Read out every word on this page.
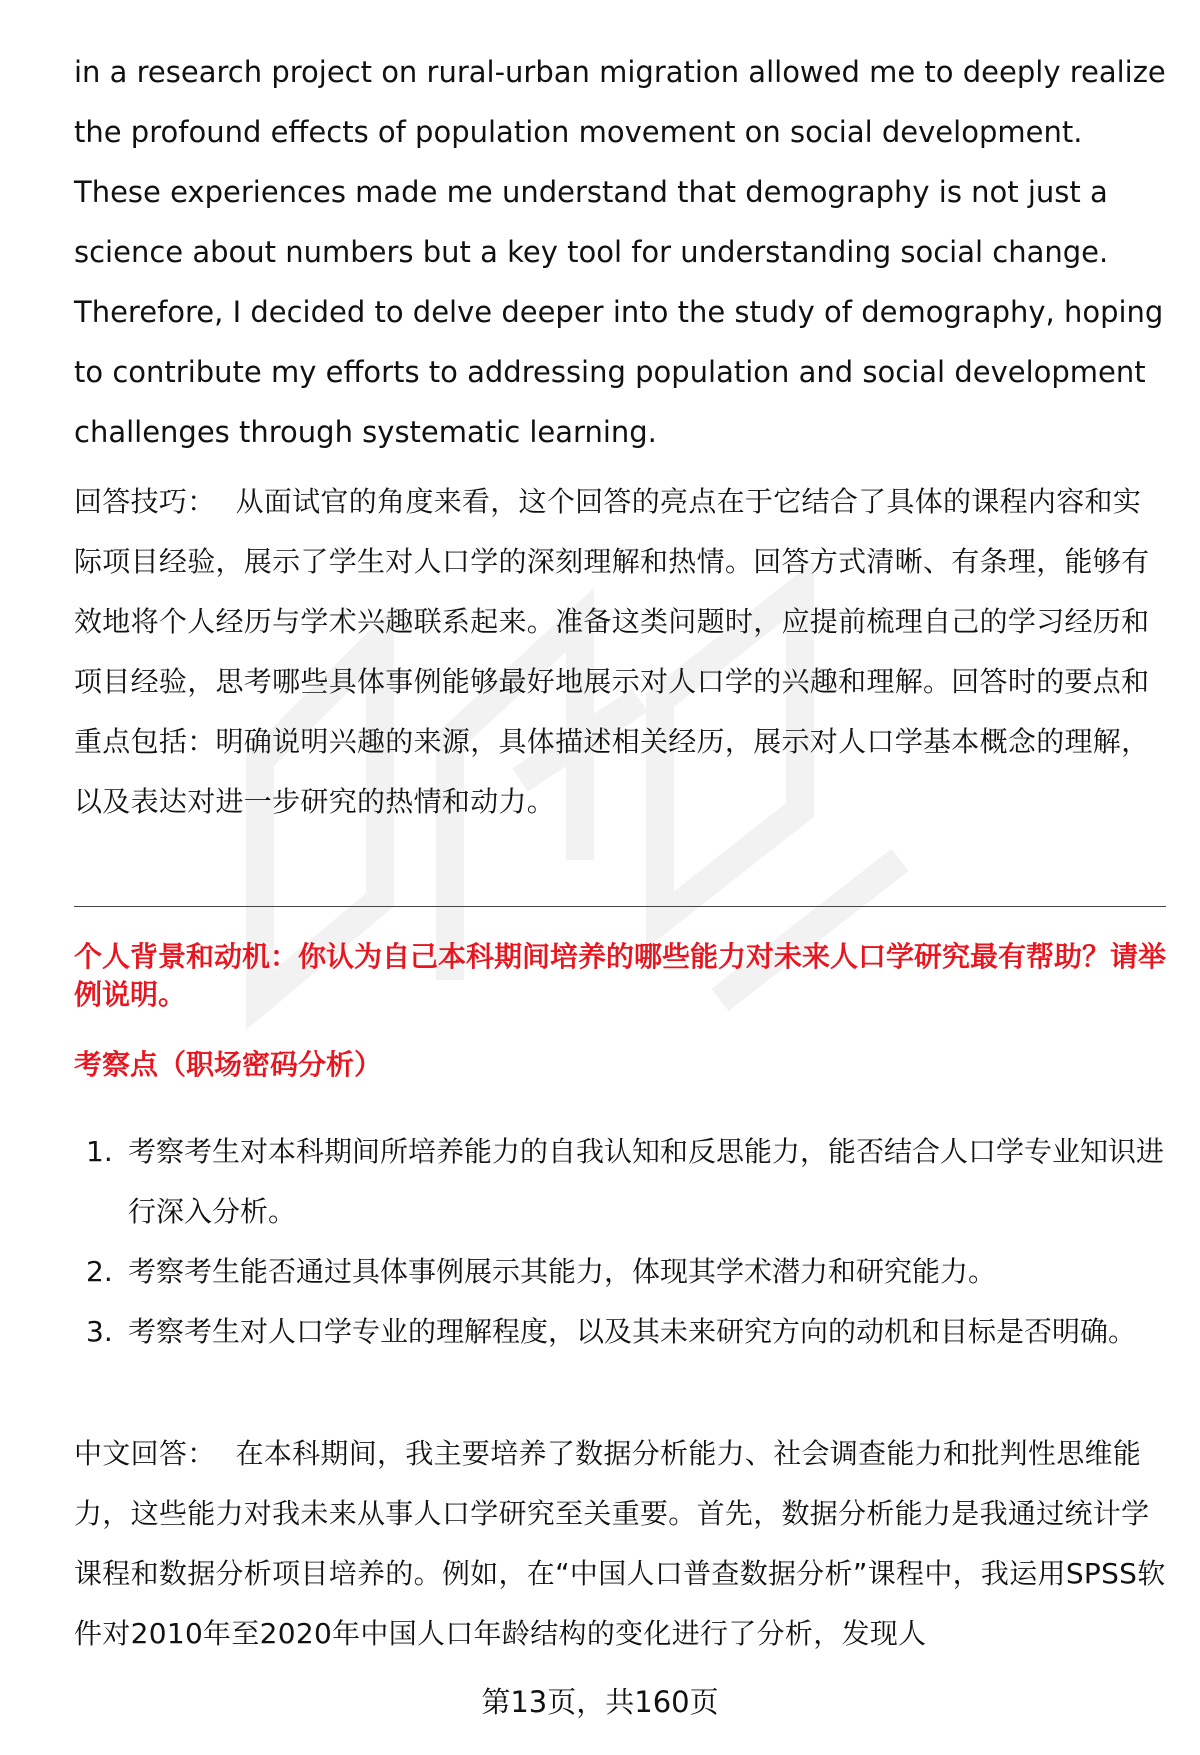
in a research project on rural-urban migration allowed me to deeply realize the profound effects of population movement on social development. These experiences made me understand that demography is not just a science about numbers but a key tool for understanding social change. Therefore, I decided to delve deeper into the study of demography, hoping to contribute my efforts to addressing population and social development challenges through systematic learning.

回答技巧： 从面试官的角度来看，这个回答的亮点在于它结合了具体的课程内容和实际项目经验，展示了学生对人口学的深刻理解和热情。回答方式清晰、有条理，能够有效地将个人经历与学术兴趣联系起来。准备这类问题时，应提前梳理自己的学习经历和项目经验，思考哪些具体事例能够最好地展示对人口学的兴趣和理解。回答时的要点和重点包括：明确说明兴趣的来源，具体描述相关经历，展示对人口学基本概念的理解，以及表达对进一步研究的热情和动力。

个人背景和动机：你认为自己本科期间培养的哪些能力对未来人口学研究最有帮助？请举例说明。

考察点（职场密码分析）

1. 考察考生对本科期间所培养能力的自我认知和反思能力，能否结合人口学专业知识进行深入分析。
2. 考察考生能否通过具体事例展示其能力，体现其学术潜力和研究能力。
3. 考察考生对人口学专业的理解程度，以及其未来研究方向的动机和目标是否明确。

中文回答： 在本科期间，我主要培养了数据分析能力、社会调查能力和批判性思维能力，这些能力对我未来从事人口学研究至关重要。首先，数据分析能力是我通过统计学课程和数据分析项目培养的。例如，在“中国人口普查数据分析”课程中，我运用SPSS软件对2010年至2020年中国人口年龄结构的变化进行了分析，发现人

第13页，共160页
